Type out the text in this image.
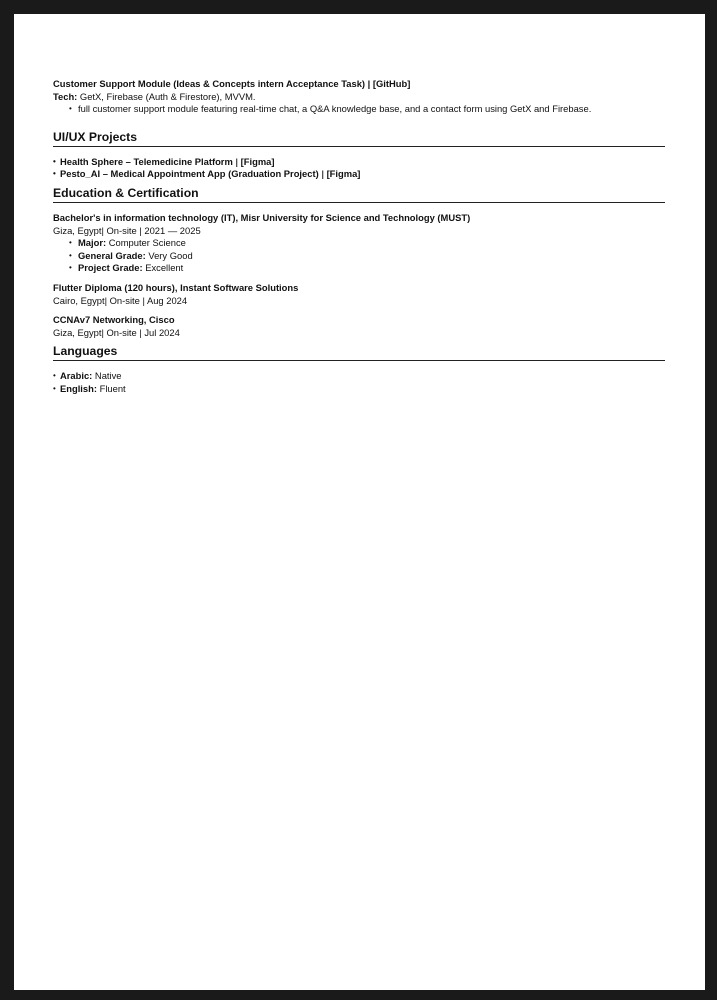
Customer Support Module (Ideas & Concepts intern Acceptance Task) | [GitHub]
Tech: GetX, Firebase (Auth & Firestore), MVVM.
• full customer support module featuring real-time chat, a Q&A knowledge base, and a contact form using GetX and Firebase.
UI/UX Projects
• Health Sphere – Telemedicine Platform | [Figma]
• Pesto_AI – Medical Appointment App (Graduation Project) | [Figma]
Education & Certification
Bachelor's in information technology (IT), Misr University for Science and Technology (MUST)
Giza, Egypt| On-site | 2021 — 2025
• Major: Computer Science
• General Grade: Very Good
• Project Grade: Excellent
Flutter Diploma (120 hours), Instant Software Solutions
Cairo, Egypt| On-site | Aug 2024
CCNAv7 Networking, Cisco
Giza, Egypt| On-site | Jul 2024
Languages
• Arabic: Native
• English: Fluent
